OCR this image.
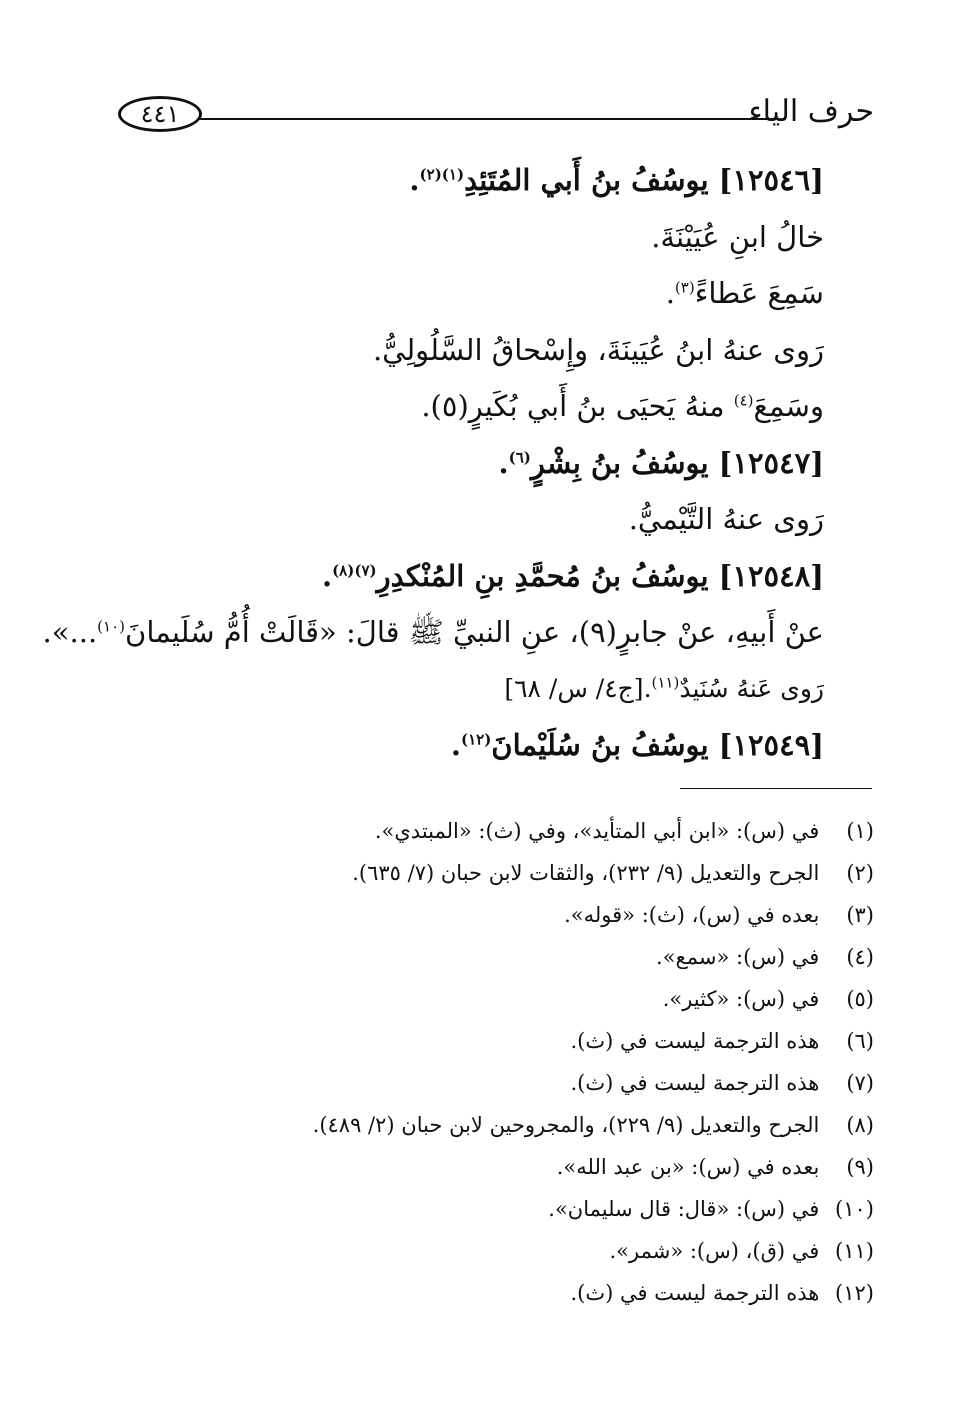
٤٤١	حرف الياء
[١٢٥٤٦] يوسُفُ بنُ أَبي المُتَئِدِ$^{(١)(٢)}$.
خالُ ابنِ عُيَيْنَةَ.
سَمِعَ عَطاءً$^{(٣)}$.
رَوى عنهُ ابنُ عُيَينَةَ، وإِسْحاقُ السَّلُولِيُّ.
وسَمِعَ$^{(٤)}$ منهُ يَحيَى بنُ أَبي بُكَيرٍ(٥).
[١٢٥٤٧] يوسُفُ بنُ بِشْرٍ$^{(٦)}$.
رَوى عنهُ التَّيْميُّ.
[١٢٥٤٨] يوسُفُ بنُ مُحمَّدِ بنِ المُنْكدِرِ$^{(٧)(٨)}$.
عنْ أَبيهِ، عنْ جابرٍ(٩)، عنِ النبيِّ ﷺ قالَ: «قَالَتْ أُمُّ سُلَيمانَ$^{(١٠)}$...».
رَوى عَنهُ سُنَيدٌ$^{(١١)}$.[ج٤/ س/ ٦٨]
[١٢٥٤٩] يوسُفُ بنُ سُلَيْمانَ$^{(١٢)}$.
(١) في (س): «ابن أبي المتأيد»، وفي (ث): «المبتدي».
(٢) الجرح والتعديل (٩/ ٢٣٢)، والثقات لابن حبان (٧/ ٦٣٥).
(٣) بعده في (س)، (ث): «قوله».
(٤) في (س): «سمع».
(٥) في (س): «كثير».
(٦) هذه الترجمة ليست في (ث).
(٧) هذه الترجمة ليست في (ث).
(٨) الجرح والتعديل (٩/ ٢٢٩)، والمجروحين لابن حبان (٢/ ٤٨٩).
(٩) بعده في (س): «بن عبد الله».
(١٠) في (س): «قال: قال سليمان».
(١١) في (ق)، (س): «شمر».
(١٢) هذه الترجمة ليست في (ث).
